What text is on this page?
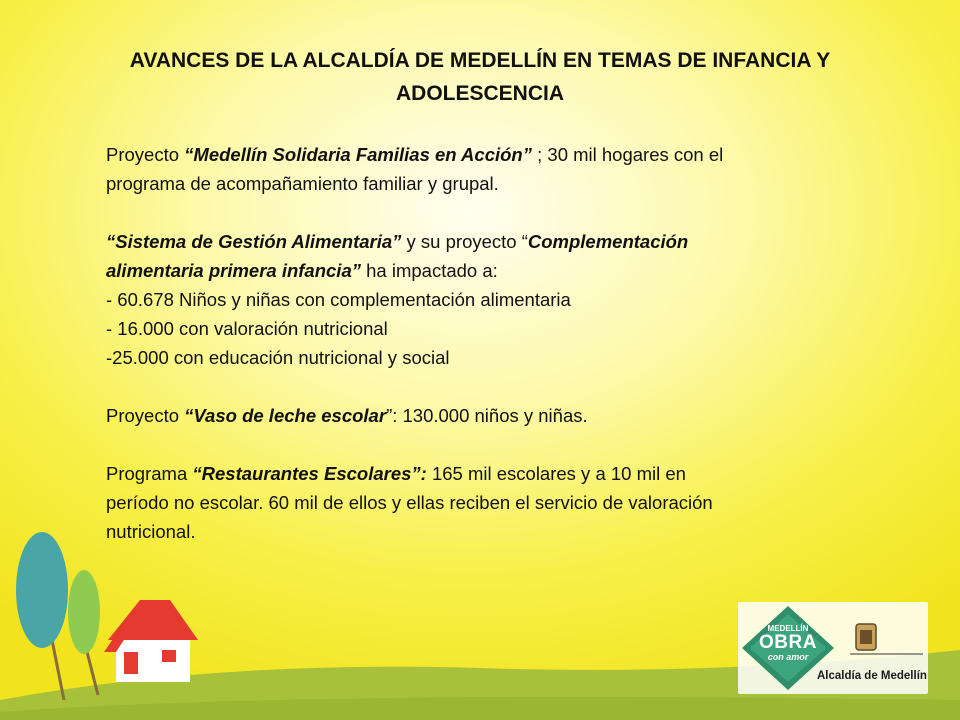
AVANCES DE LA ALCALDÍA DE MEDELLÍN EN TEMAS DE INFANCIA Y
ADOLESCENCIA

Proyecto “Medellín Solidaria Familias en Acción” ; 30 mil hogares con el
programa de acompañamiento familiar y grupal.

“Sistema de Gestión Alimentaria” y su proyecto “Complementación
alimentaria primera infancia” ha impactado a:
- 60.678 Niños y niñas con complementación alimentaria
- 16.000 con valoración nutricional
-25.000 con educación nutricional y social

Proyecto “Vaso de leche escolar”: 130.000 niños y niñas.

Programa “Restaurantes Escolares”: 165 mil escolares y a 10 mil en
período no escolar. 60 mil de ellos y ellas reciben el servicio de valoración
nutricional.

MEDELLÍN
OBRA
con amor
Alcaldía de Medellín
